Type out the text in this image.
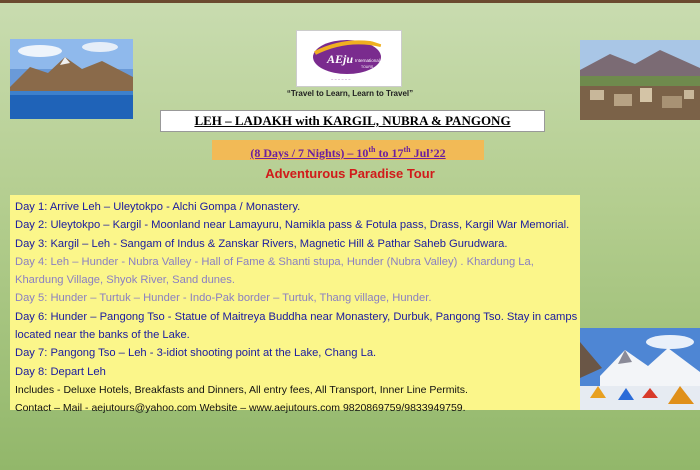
AEju International
TOURS
~ ~ ~ ~ ~ ~
“Travel to Learn, Learn to Travel”
LEH – LADAKH with KARGIL, NUBRA & PANGONG
(8 Days / 7 Nights) – 10th to 17th Jul’22
Adventurous Paradise Tour
Day 1: Arrive Leh – Uleytokpo - Alchi Gompa / Monastery.
Day 2: Uleytokpo – Kargil - Moonland near Lamayuru, Namikla pass & Fotula pass, Drass, Kargil War Memorial.
Day 3: Kargil – Leh - Sangam of Indus & Zanskar Rivers, Magnetic Hill & Pathar Saheb Gurudwara.
Day 4: Leh – Hunder - Nubra Valley - Hall of Fame & Shanti stupa, Hunder (Nubra Valley) . Khardung La,
Khardung Village, Shyok River, Sand dunes.
Day 5: Hunder – Turtuk – Hunder - Indo-Pak border – Turtuk, Thang village, Hunder.
Day 6: Hunder – Pangong Tso - Statue of Maitreya Buddha near Monastery, Durbuk, Pangong Tso. Stay in camps
located near the banks of the Lake.
Day 7: Pangong Tso – Leh - 3-idiot shooting point at the Lake, Chang La.
Day 8: Depart Leh
Includes - Deluxe Hotels, Breakfasts and Dinners, All entry fees, All Transport, Inner Line Permits.
Contact – Mail - aejutours@yahoo.com Website – www.aejutours.com 9820869759/9833949759.
